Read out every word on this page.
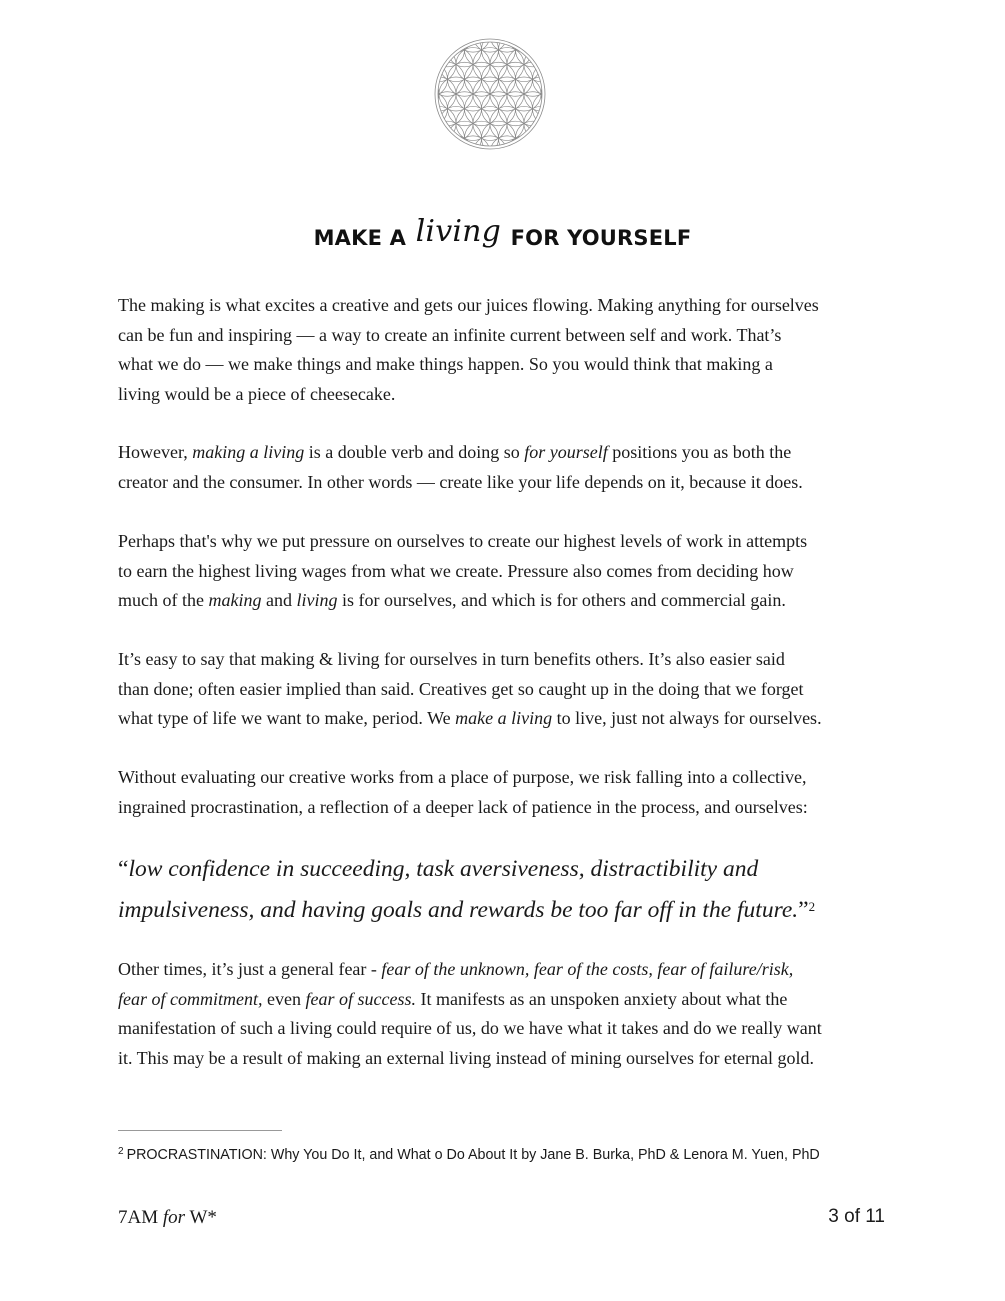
MAKE A living FOR YOURSELF
The making is what excites a creative and gets our juices flowing. Making anything for ourselves
can be fun and inspiring — a way to create an infinite current between self and work. That’s
what we do — we make things and make things happen. So you would think that making a
living would be a piece of cheesecake.
However, making a living is a double verb and doing so for yourself positions you as both the
creator and the consumer. In other words — create like your life depends on it, because it does.
Perhaps that's why we put pressure on ourselves to create our highest levels of work in attempts
to earn the highest living wages from what we create. Pressure also comes from deciding how
much of the making and living is for ourselves, and which is for others and commercial gain.
It’s easy to say that making & living for ourselves in turn benefits others. It’s also easier said
than done; often easier implied than said. Creatives get so caught up in the doing that we forget
what type of life we want to make, period. We make a living to live, just not always for ourselves.
Without evaluating our creative works from a place of purpose, we risk falling into a collective,
ingrained procrastination, a reflection of a deeper lack of patience in the process, and ourselves:
“low confidence in succeeding, task aversiveness, distractibility and
impulsiveness, and having goals and rewards be too far off in the future.”$^2$
Other times, it’s just a general fear - fear of the unknown, fear of the costs, fear of failure/risk,
fear of commitment, even fear of success. It manifests as an unspoken anxiety about what the
manifestation of such a living could require of us, do we have what it takes and do we really want
it. This may be a result of making an external living instead of mining ourselves for eternal gold.
$^2$ PROCRASTINATION: Why You Do It, and What o Do About It by Jane B. Burka, PhD & Lenora M. Yuen, PhD
7AM for W*	3 of 11
